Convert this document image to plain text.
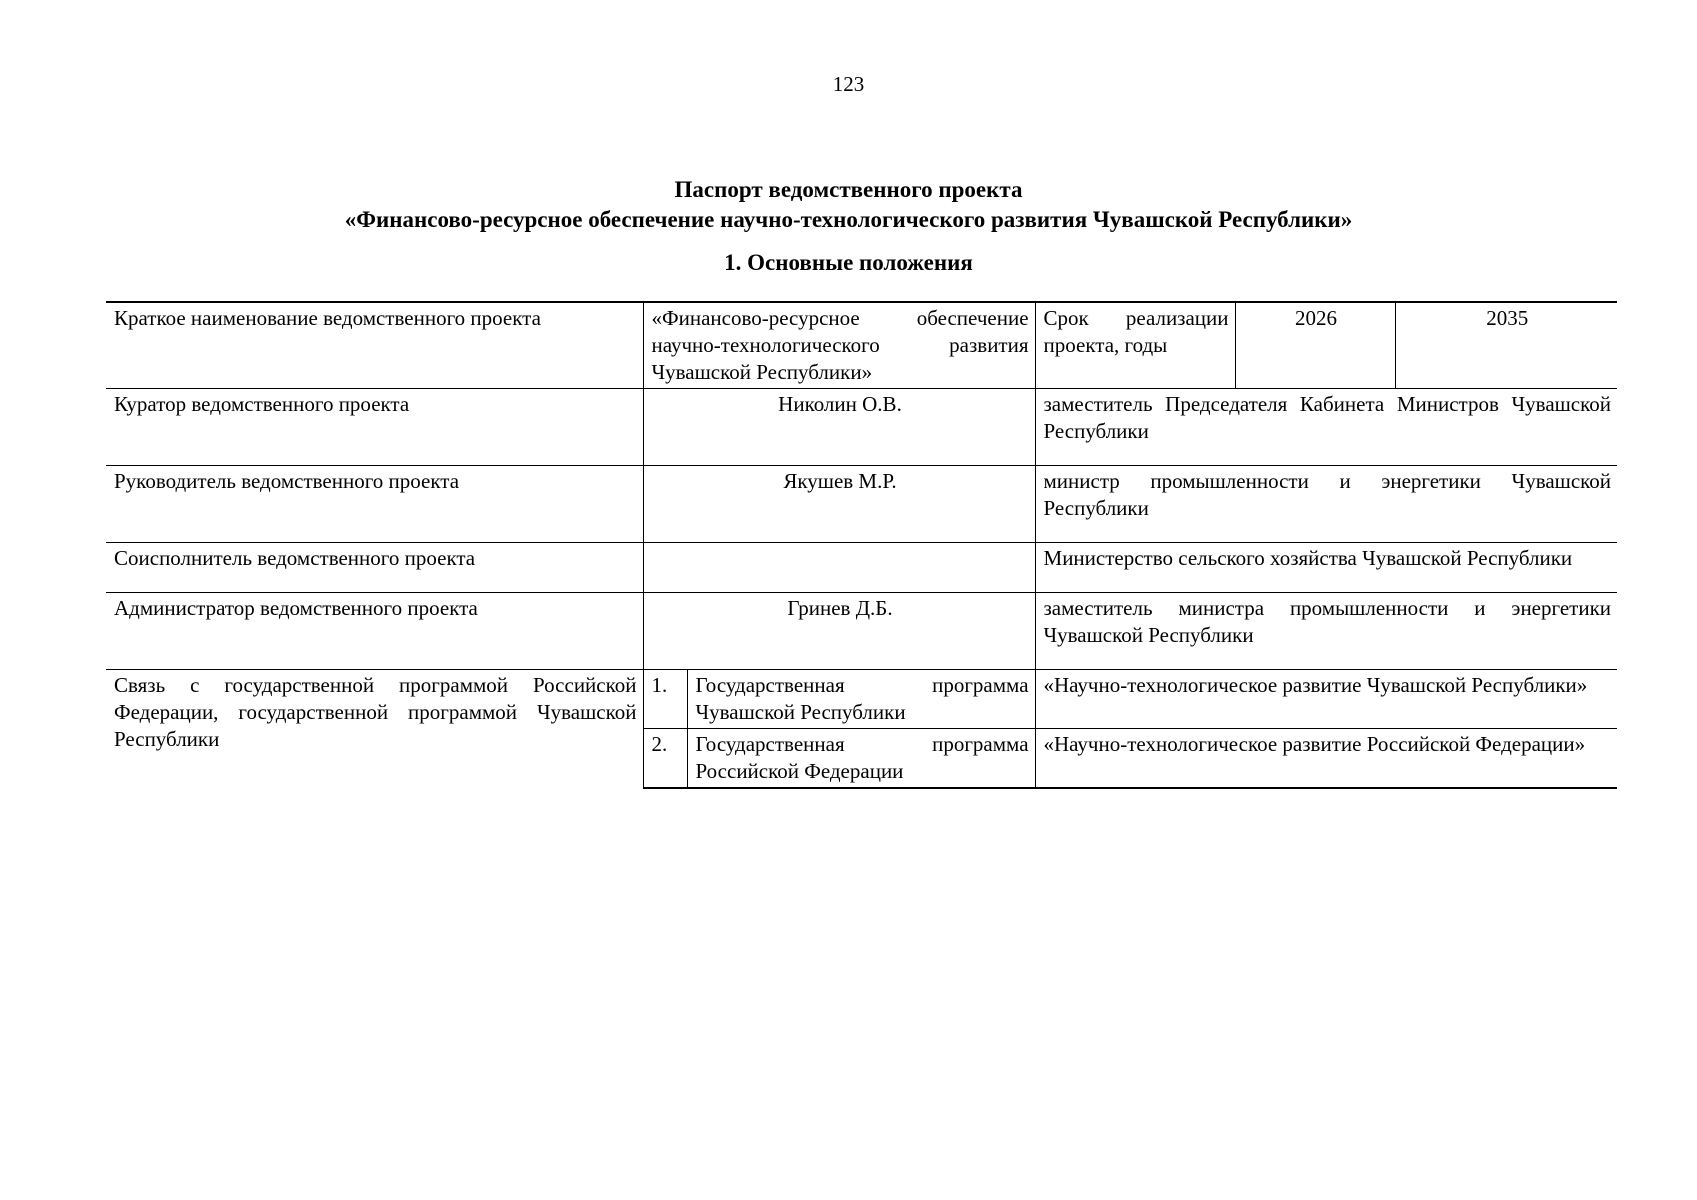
123
Паспорт ведомственного проекта
«Финансово-ресурсное обеспечение научно-технологического развития Чувашской Республики»
1. Основные положения
Краткое наименование ведомственного проекта	«Финансово-ресурсное обеспечение научно-технологического развития Чувашской Республики»		Срок реализации проекта, годы	2026	2035
Куратор ведомственного проекта	Николин О.В.		заместитель Председателя Кабинета Министров Чувашской Республики		
Руководитель ведомственного проекта	Якушев М.Р.		министр промышленности и энергетики Чувашской Республики		
Соисполнитель ведомственного проекта			Министерство сельского хозяйства Чувашской Республики		
Администратор ведомственного проекта	Гринев Д.Б.		заместитель министра промышленности и энергетики Чувашской Республики		
Связь с государственной программой Российской Федерации, государственной программой Чувашской Республики	1.	Государственная программа Чувашской Республики	«Научно-технологическое развитие Чувашской Республики»		
	2.	Государственная программа Российской Федерации	«Научно-технологическое развитие Российской Федерации»		
